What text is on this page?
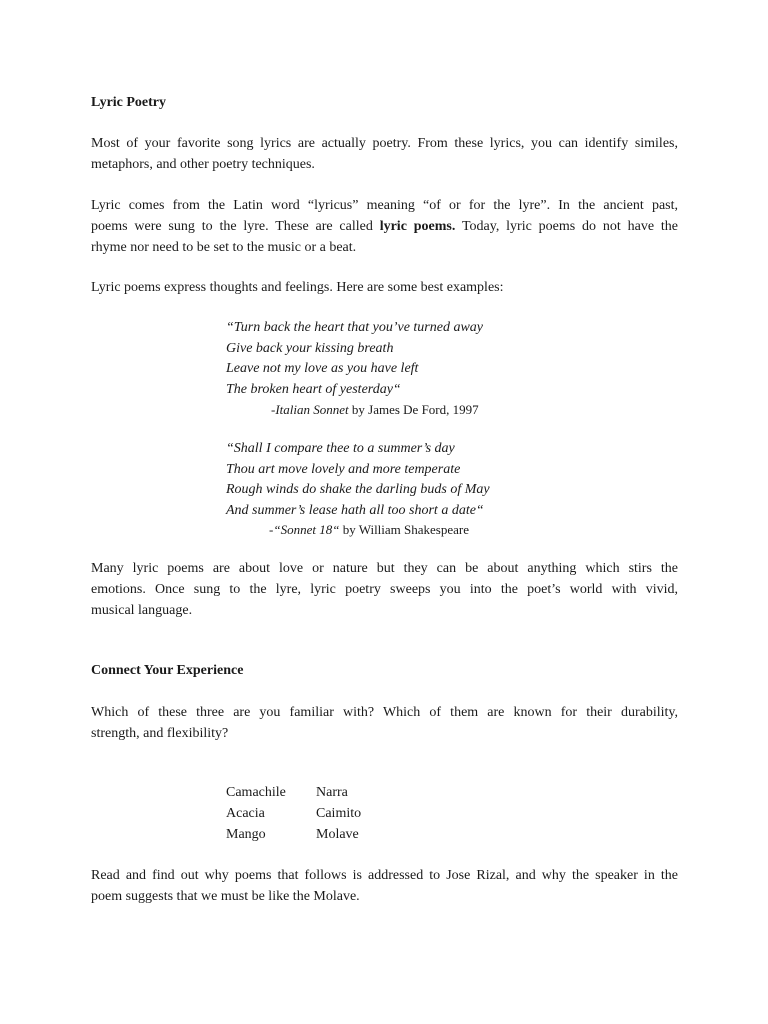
Lyric Poetry
Most of your favorite song lyrics are actually poetry. From these lyrics, you can identify similes,
metaphors, and other poetry techniques.
Lyric comes from the Latin word “lyricus” meaning “of or for the lyre”. In the ancient past,
poems were sung to the lyre. These are called lyric poems. Today, lyric poems do not have the
rhyme nor need to be set to the music or a beat.
Lyric poems express thoughts and feelings. Here are some best examples:
“Turn back the heart that you’ve turned away
Give back your kissing breath
Leave not my love as you have left
The broken heart of yesterday“
-Italian Sonnet by James De Ford, 1997
“Shall I compare thee to a summer’s day
Thou art move lovely and more temperate
Rough winds do shake the darling buds of May
And summer’s lease hath all too short a date“
-“Sonnet 18“ by William Shakespeare
Many lyric poems are about love or nature but they can be about anything which stirs the
emotions. Once sung to the lyre, lyric poetry sweeps you into the poet’s world with vivid,
musical language.
Connect Your Experience
Which of these three are you familiar with? Which of them are known for their durability,
strength, and flexibility?
Camachile	Narra
Acacia	Caimito
Mango	Molave
Read and find out why poems that follows is addressed to Jose Rizal, and why the speaker in the
poem suggests that we must be like the Molave.
